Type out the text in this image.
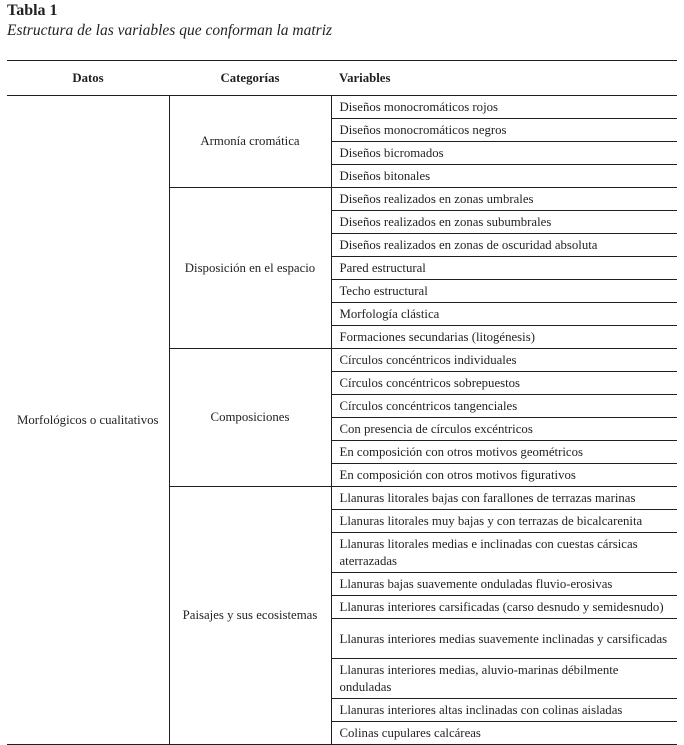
Tabla 1
Estructura de las variables que conforman la matriz
Datos	Categorías	Variables
Morfológicos o cualitativos	Armonía cromática	Diseños monocromáticos rojos
		Diseños monocromáticos negros
		Diseños bicromados
		Diseños bitonales
	Disposición en el espacio	Diseños realizados en zonas umbrales
		Diseños realizados en zonas subumbrales
		Diseños realizados en zonas de oscuridad absoluta
		Pared estructural
		Techo estructural
		Morfología clástica
		Formaciones secundarias (litogénesis)
	Composiciones	Círculos concéntricos individuales
		Círculos concéntricos sobrepuestos
		Círculos concéntricos tangenciales
		Con presencia de círculos excéntricos
		En composición con otros motivos geométricos
		En composición con otros motivos figurativos
	Paisajes y sus ecosistemas	Llanuras litorales bajas con farallones de terrazas marinas
		Llanuras litorales muy bajas y con terrazas de bicalcarenita
		Llanuras litorales medias e inclinadas con cuestas cársicas aterrazadas
		Llanuras bajas suavemente onduladas fluvio-erosivas
		Llanuras interiores carsificadas (carso desnudo y semidesnudo)
		Llanuras interiores medias suavemente inclinadas y carsificadas
		Llanuras interiores medias, aluvio-marinas débilmente onduladas
		Llanuras interiores altas inclinadas con colinas aisladas
		Colinas cupulares calcáreas
